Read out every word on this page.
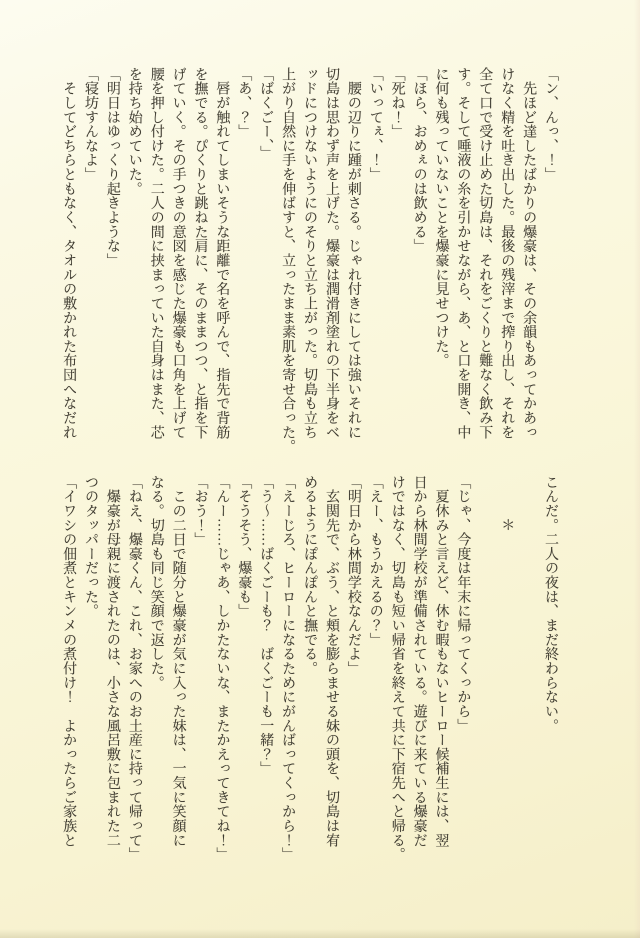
「ン、んっ、！」

　先ほど達したばかりの爆豪は、その余韻もあってかあっ

けなく精を吐き出した。最後の残滓まで搾り出し、それを

全て口で受け止めた切島は、それをごくりと難なく飲み下

す。そして唾液の糸を引かせながら、あ、と口を開き、中

に何も残っていないことを爆豪に見せつけた。

「ほら、おめぇのは飲める」

「死ね！」

「いってぇ、！」

　腰の辺りに踵が刺さる。じゃれ付きにしては強いそれに

切島は思わず声を上げた。爆豪は潤滑剤塗れの下半身をベ

ッドにつけないようにのそりと立ち上がった。切島も立ち

上がり自然に手を伸ばすと、立ったまま素肌を寄せ合った。

「ばくごー、」

「あ、？」

　唇が触れてしまいそうな距離で名を呼んで、指先で背筋

を撫でる。ぴくりと跳ねた肩に、そのままつつ、と指を下

げていく。その手つきの意図を感じた爆豪も口角を上げて

腰を押し付けた。二人の間に挟まっていた自身はまた、芯

を持ち始めていた。

「明日はゆっくり起きような」

「寝坊すんなよ」

　そしてどちらともなく、タオルの敷かれた布団へなだれ

こんだ。二人の夜は、まだ終わらない。

　　　＊

「じゃ、今度は年末に帰ってくっから」

　夏休みと言えど、休む暇もないヒーロー候補生には、翌

日から林間学校が準備されている。遊びに来ている爆豪だ

けではなく、切島も短い帰省を終えて共に下宿先へと帰る。

「えー、もうかえるの？」

「明日から林間学校なんだよ」

　玄関先で、ぶう、と頬を膨らませる妹の頭を、切島は宥

めるようにぽんぽんと撫でる。

「えーじろ、ヒーローになるためにがんばってくっから！」

「う〜……ばくごーも？　ばくごーも一緒？」

「そうそう、爆豪も」

「んー……じゃあ、しかたないな、またかえってきてね！」

「おう！」

　この二日で随分と爆豪が気に入った妹は、一気に笑顔に

なる。切島も同じ笑顔で返した。

「ねえ、爆豪くん、これ、お家へのお土産に持って帰って」

　爆豪が母親に渡されたのは、小さな風呂敷に包まれた二

つのタッパーだった。

「イワシの佃煮とキンメの煮付け！　よかったらご家族と
